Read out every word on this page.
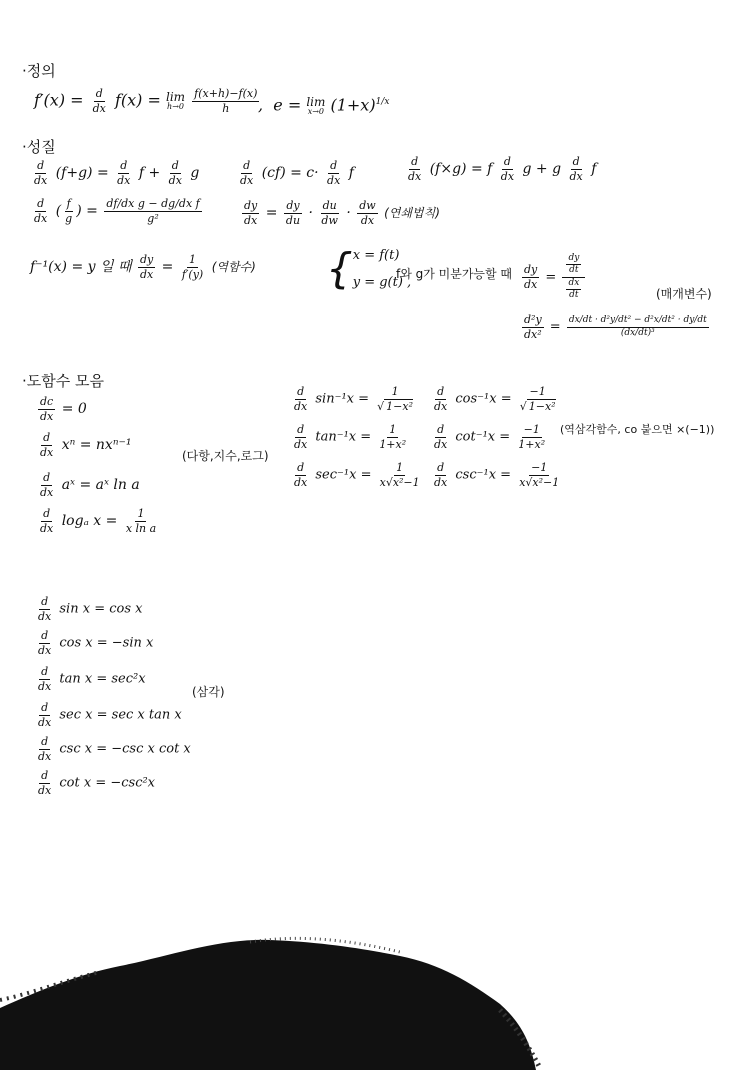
·정의
$f'(x) = \frac{d}{dx} f(x) = \lim$
h→0
$\frac{f(x+h)-f(x)}{h}$
,  e = lim
x→0 $(1+x)^{1/x}$
·성질
$\frac{d}{dx} (f+g) = \frac{d}{dx}$ $f + \frac{d}{dx}$ g	$\frac{d}{dx} (cf) = c\cdot \frac{d}{dx}$ f	$\frac{d}{dx} (f\times g) = f \frac{d}{dx}$ g + g $\frac{d}{dx}$ f
$\frac{d}{dx}$ ( $\frac{f}{g}$ ) = $\frac{\text{df/dx g − dg/dx f}}{\text{g²}}$	$\frac{dy}{dx} = \frac{dy}{du} \cdot \frac{du}{dw} \cdot \frac{dw}{dx}$ (연쇄법칙)
f⁻¹(x) = y 일 때 $\frac{dy}{dx} = \frac{1}{f'(y)}$ (역함수) { x = f(t)
y = g(t) ,
f와 g가 미분가능할 때 $\frac{dy}{dx} = \frac{\frac{dy}{dt}}{\frac{dx}{dt}}$	(매개변수)
$\frac{\text{d²y}}{\text{dx²}} = \frac{\text{dx/dt · d²y/dt² − d²x/dt² · dy/dt}}{\text{(dx/dt)³}}$
·도함수 모음
$\frac{dc}{dx} = 0$
$\frac{d}{dx}$ xⁿ = nxⁿ⁻¹
$\frac{d}{dx}$ aˣ = aˣ ln a
$\frac{d}{dx}$ logₐ $x = \frac{1}{\text{x ln a}}$
(다항,지수,로그)
$\frac{d}{dx} \sin^{-1}x = \frac{1}{\text{√ 1−x²}} \frac{d}{dx} \cos^{-1}x = \frac{-1}{\text{√ 1−x²}}$
$\frac{d}{dx} \tan^{-1}x = \frac{1}{\text{1+x²}} \frac{d}{dx} \cot^{-1}x = \frac{-1}{\text{1+x²}}$ (역삼각함수, co 붙으면 ×(−1))
$\frac{d}{dx} \sec^{-1}x = \frac{1}{\text{x√x²−1}} \frac{d}{dx} \csc^{-1}x = \frac{-1}{\text{x√x²−1}}$
$\frac{d}{dx}$ sin x = cos x
$\frac{d}{dx}$ cos x = −sin x
$\frac{d}{dx}$ tan x = sec²x
(삼각)
$\frac{d}{dx}$ sec x = sec x tan x
$\frac{d}{dx}$ csc x = −csc x cot x
$\frac{d}{dx}$ cot x = −csc²x
